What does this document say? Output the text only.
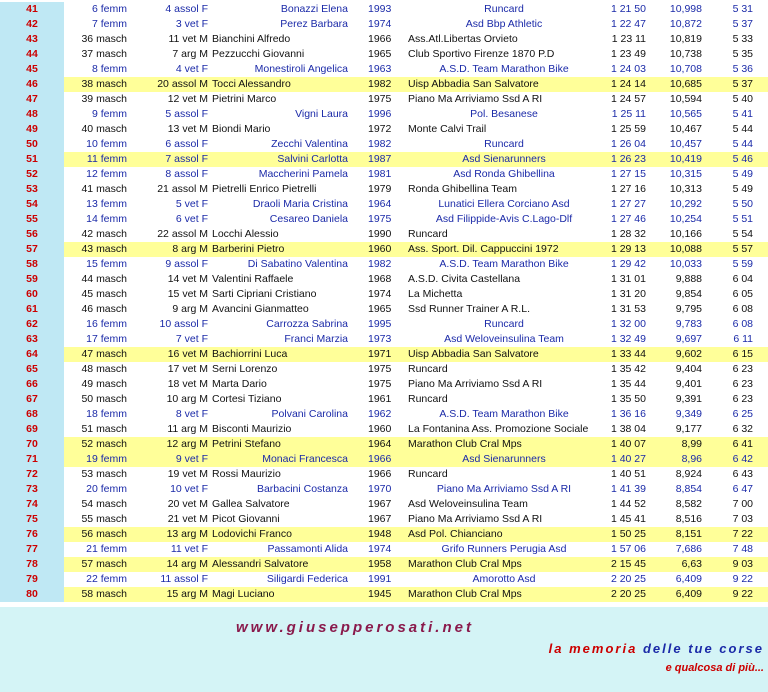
41	6 femm	4 assol F	Bonazzi Elena 1993	Runcard	1 21 50	10,998	5 31
42	7 femm	3 vet F	Perez Barbara 1974	Asd Bbp Athletic	1 22 47	10,872	5 37
43	36 masch	11 vet M Bianchini Alfredo	1966	Ass.Atl.Libertas Orvieto	1 23 11	10,819	5 33
44	37 masch	7 arg M Pezzucchi Giovanni	1965	Club Sportivo Firenze 1870 P.D	1 23 49	10,738	5 35
45	8 femm	4 vet F	Monestiroli Angelica 1963	A.S.D. Team Marathon Bike	1 24 03	10,708	5 36
46	38 masch	20 assol M Tocci Alessandro	1982	Uisp Abbadia San Salvatore	1 24 14	10,685	5 37
47	39 masch	12 vet M Pietrini Marco	1975	Piano Ma Arriviamo Ssd A RI	1 24 57	10,594	5 40
48	9 femm	5 assol F	Vigni Laura 1996	Pol. Besanese	1 25 11	10,565	5 41
49	40 masch	13 vet M Biondi Mario	1972	Monte Calvi Trail	1 25 59	10,467	5 44
50	10 femm	6 assol F	Zecchi Valentina 1982	Runcard	1 26 04	10,457	5 44
51	11 femm	7 assol F	Salvini Carlotta 1987	Asd Sienarunners	1 26 23	10,419	5 46
52	12 femm	8 assol F	Maccherini Pamela 1981	Asd Ronda Ghibellina	1 27 15	10,315	5 49
53	41 masch	21 assol M Pietrelli Enrico Pietrelli	1979	Ronda Ghibellina Team	1 27 16	10,313	5 49
54	13 femm	5 vet F	Draoli Maria Cristina 1964	Lunatici Ellera Corciano Asd	1 27 27	10,292	5 50
55	14 femm	6 vet F	Cesareo Daniela 1975	Asd Filippide-Avis C.Lago-Dlf	1 27 46	10,254	5 51
56	42 masch	22 assol M Locchi Alessio	1990	Runcard	1 28 32	10,166	5 54
57	43 masch	8 arg M Barberini Pietro	1960	Ass. Sport. Dil. Cappuccini 1972	1 29 13	10,088	5 57
58	15 femm	9 assol F	Di Sabatino Valentina 1982	A.S.D. Team Marathon Bike	1 29 42	10,033	5 59
59	44 masch	14 vet M Valentini Raffaele	1968	A.S.D. Civita Castellana	1 31 01	9,888	6 04
60	45 masch	15 vet M Sarti Cipriani Cristiano	1974	La Michetta	1 31 20	9,854	6 05
61	46 masch	9 arg M Avancini Gianmatteo	1965	Ssd Runner Trainer A R.L.	1 31 53	9,795	6 08
62	16 femm	10 assol F	Carrozza Sabrina 1995	Runcard	1 32 00	9,783	6 08
63	17 femm	7 vet F	Franci Marzia 1973	Asd Weloveinsulina Team	1 32 49	9,697	6 11
64	47 masch	16 vet M Bachiorrini Luca	1971	Uisp Abbadia San Salvatore	1 33 44	9,602	6 15
65	48 masch	17 vet M Serni Lorenzo	1975	Runcard	1 35 42	9,404	6 23
66	49 masch	18 vet M Marta Dario	1975	Piano Ma Arriviamo Ssd A RI	1 35 44	9,401	6 23
67	50 masch	10 arg M Cortesi Tiziano	1961	Runcard	1 35 50	9,391	6 23
68	18 femm	8 vet F	Polvani Carolina 1962	A.S.D. Team Marathon Bike	1 36 16	9,349	6 25
69	51 masch	11 arg M Bisconti Maurizio	1960	La Fontanina Ass. Promozione Sociale	1 38 04	9,177	6 32
70	52 masch	12 arg M Petrini Stefano	1964	Marathon Club Cral Mps	1 40 07	8,99	6 41
71	19 femm	9 vet F	Monaci Francesca 1966	Asd Sienarunners	1 40 27	8,96	6 42
72	53 masch	19 vet M Rossi Maurizio	1966	Runcard	1 40 51	8,924	6 43
73	20 femm	10 vet F	Barbacini Costanza 1970	Piano Ma Arriviamo Ssd A RI	1 41 39	8,854	6 47
74	54 masch	20 vet M Gallea Salvatore	1967	Asd Weloveinsulina Team	1 44 52	8,582	7 00
75	55 masch	21 vet M Picot Giovanni	1967	Piano Ma Arriviamo Ssd A RI	1 45 41	8,516	7 03
76	56 masch	13 arg M Lodovichi Franco	1948	Asd Pol. Chianciano	1 50 25	8,151	7 22
77	21 femm	11 vet F	Passamonti Alida 1974	Grifo Runners Perugia Asd	1 57 06	7,686	7 48
78	57 masch	14 arg M Alessandri Salvatore	1958	Marathon Club Cral Mps	2 15 45	6,63	9 03
79	22 femm	11 assol F	Siligardi Federica 1991	Amorotto Asd	2 20 25	6,409	9 22
80	58 masch	15 arg M Magi Luciano	1945	Marathon Club Cral Mps	2 20 25	6,409	9 22
www.giusepperosati.net
la memoria delle tue corse
e qualcosa di più...
